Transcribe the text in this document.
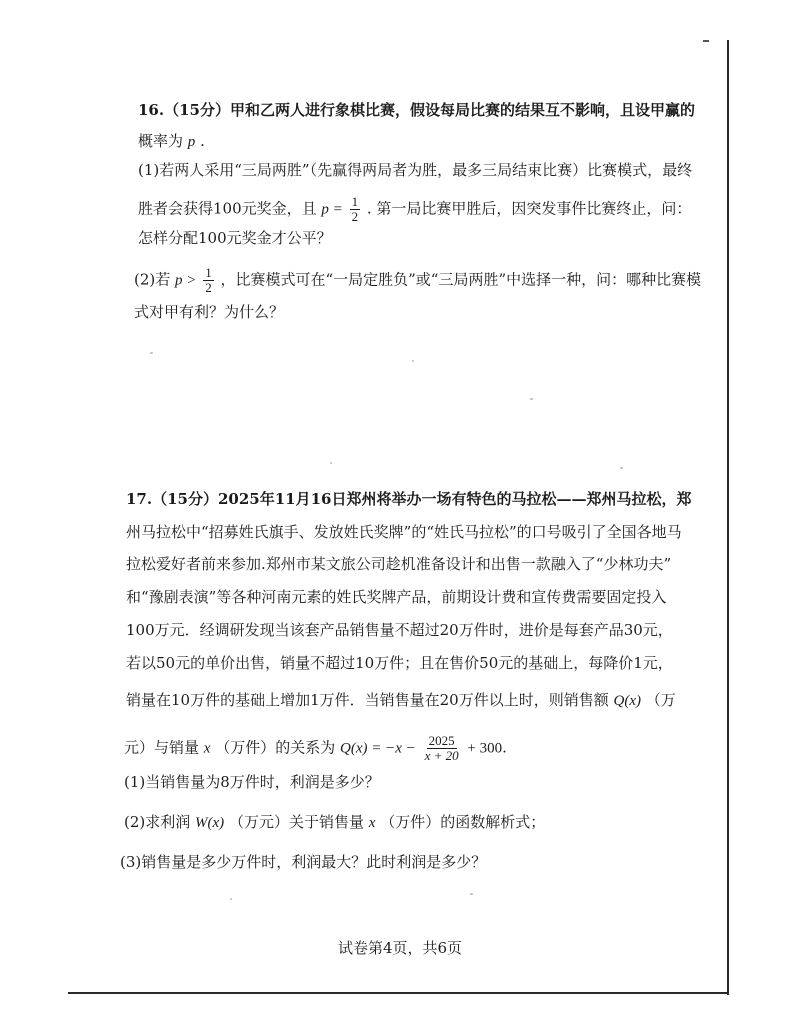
16.（15分）甲和乙两人进行象棋比赛，假设每局比赛的结果互不影响，且设甲赢的
概率为 p .
(1)若两人采用“三局两胜”（先赢得两局者为胜，最多三局结束比赛）比赛模式，最终
胜者会获得100元奖金，且 $p = \frac{1}{2}$ . 第一局比赛甲胜后，因突发事件比赛终止，问：
怎样分配100元奖金才公平？
(2)若 $p > \frac{1}{2}$ ，比赛模式可在“一局定胜负”或“三局两胜”中选择一种，问：哪种比赛模
式对甲有利？为什么？
17.（15分）2025年11月16日郑州将举办一场有特色的马拉松——郑州马拉松，郑
州马拉松中“招募姓氏旗手、发放姓氏奖牌”的“姓氏马拉松”的口号吸引了全国各地马
拉松爱好者前来参加.郑州市某文旅公司趁机准备设计和出售一款融入了“少林功夫”
和“豫剧表演”等各种河南元素的姓氏奖牌产品，前期设计费和宣传费需要固定投入
100万元．经调研发现当该套产品销售量不超过20万件时，进价是每套产品30元，
若以50元的单价出售，销量不超过10万件；且在售价50元的基础上，每降价1元，
销量在10万件的基础上增加1万件．当销售量在20万件以上时，则销售额 Q(x) （万
元）与销量 x （万件）的关系为 $Q(x) = -x - \frac{2025}{x + 20} + 300$.
(1)当销售量为8万件时，利润是多少？
(2)求利润 W(x) （万元）关于销售量 x （万件）的函数解析式；
(3)销售量是多少万件时，利润最大？此时利润是多少？
试卷第4页，共6页
